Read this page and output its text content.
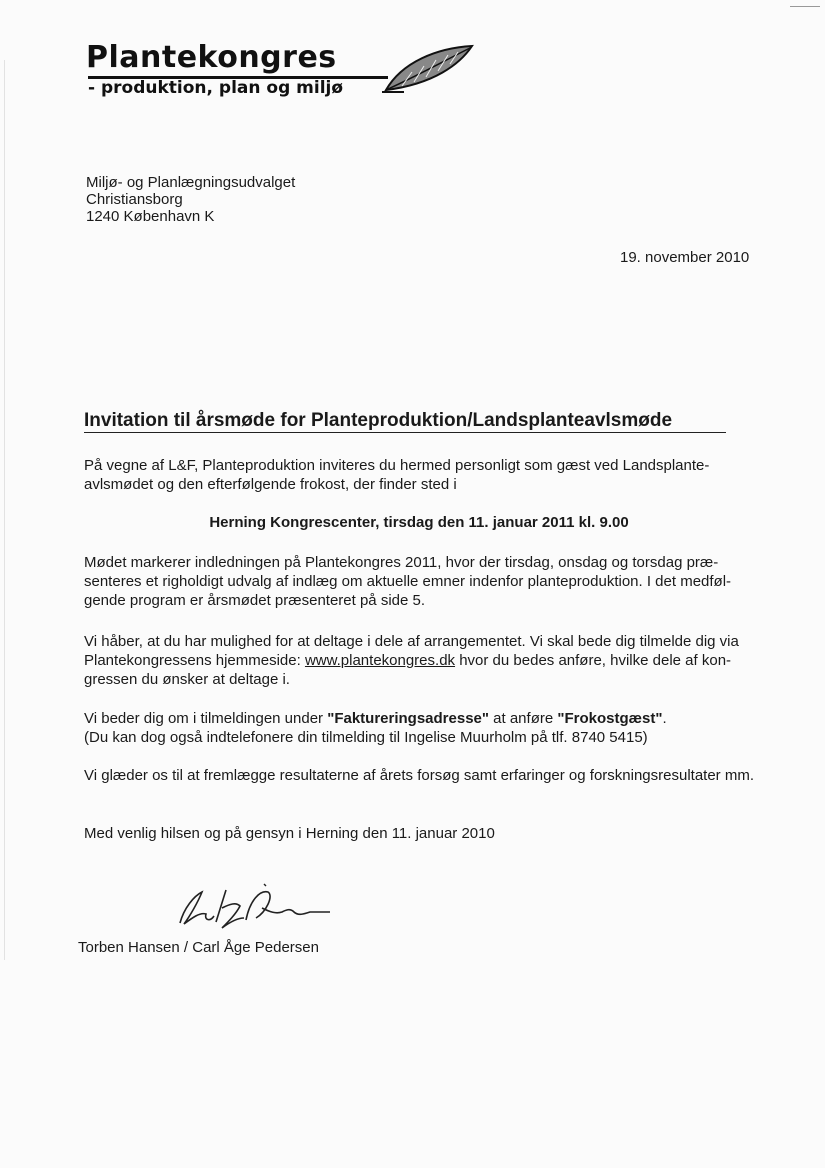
Plantekongres
- produktion, plan og miljø
Miljø- og Planlægningsudvalget
Christiansborg
1240 København K
19. november 2010
Invitation til årsmøde for Planteproduktion/Landsplanteavlsmøde
På vegne af L&F, Planteproduktion inviteres du hermed personligt som gæst ved Landsplante-avlsmødet og den efterfølgende frokost, der finder sted i
Herning Kongrescenter, tirsdag den 11. januar 2011 kl. 9.00
Mødet markerer indledningen på Plantekongres 2011, hvor der tirsdag, onsdag og torsdag præ-senteres et righoldigt udvalg af indlæg om aktuelle emner indenfor planteproduktion. I det medføl-gende program er årsmødet præsenteret på side 5.
Vi håber, at du har mulighed for at deltage i dele af arrangementet. Vi skal bede dig tilmelde dig via Plantekongressens hjemmeside: www.plantekongres.dk hvor du bedes anføre, hvilke dele af kon-gressen du ønsker at deltage i.
Vi beder dig om i tilmeldingen under "Faktureringsadresse" at anføre "Frokostgæst".
(Du kan dog også indtelefonere din tilmelding til Ingelise Muurholm på tlf. 8740 5415)
Vi glæder os til at fremlægge resultaterne af årets forsøg samt erfaringer og forskningsresultater mm.
Med venlig hilsen og på gensyn i Herning den 11. januar 2010
Torben Hansen / Carl Åge Pedersen
